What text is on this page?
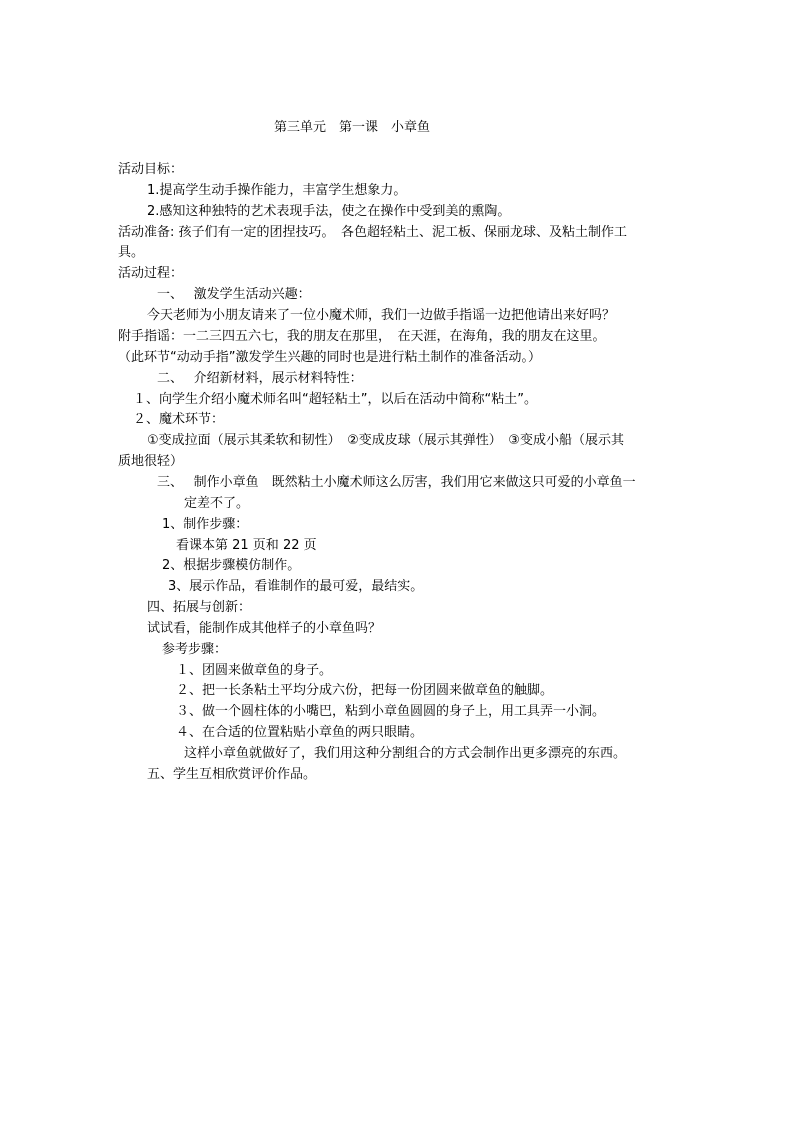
第三单元　第一课　小章鱼
活动目标：
1.提高学生动手操作能力，丰富学生想象力。
2.感知这种独特的艺术表现手法，使之在操作中受到美的熏陶。
活动准备: 孩子们有一定的团捏技巧。　各色超轻粘土、泥工板、保丽龙球、及粘土制作工
具。
活动过程：
一、　 激发学生活动兴趣：
今天老师为小朋友请来了一位小魔术师，我们一边做手指谣一边把他请出来好吗？
附手指谣：一二三四五六七，我的朋友在那里，　在天涯，在海角，我的朋友在这里。
（此环节“动动手指”激发学生兴趣的同时也是进行粘土制作的准备活动。）
二、　 介绍新材料，展示材料特性：
１、向学生介绍小魔术师名叫“超轻粘土”，以后在活动中简称“粘土”。
２、魔术环节：
①变成拉面（展示其柔软和韧性）　②变成皮球（展示其弹性）　③变成小船（展示其
质地很轻）
三、　 制作小章鱼　既然粘土小魔术师这么厉害，我们用它来做这只可爱的小章鱼一
定差不了。
1、制作步骤：
看课本第 21 页和 22 页
2、根据步骤模仿制作。
3、展示作品，看谁制作的最可爱，最结实。
四、拓展与创新：
试试看，能制作成其他样子的小章鱼吗？
参考步骤：
１、团圆来做章鱼的身子。
２、把一长条粘土平均分成六份，把每一份团圆来做章鱼的触脚。
３、做一个圆柱体的小嘴巴，粘到小章鱼圆圆的身子上，用工具弄一小洞。
４、在合适的位置粘贴小章鱼的两只眼睛。
这样小章鱼就做好了，我们用这种分割组合的方式会制作出更多漂亮的东西。
五、学生互相欣赏评价作品。
